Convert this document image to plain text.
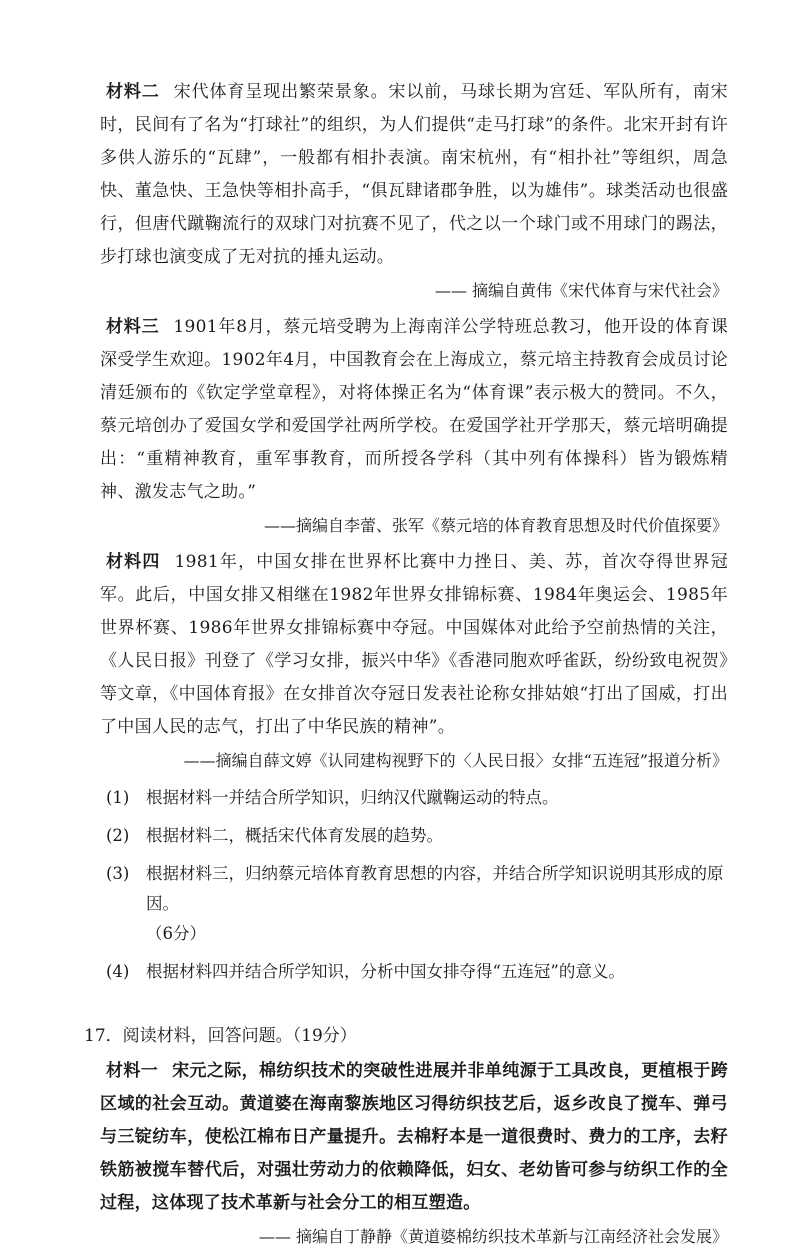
材料二 宋代体育呈现出繁荣景象。宋以前，马球长期为宫廷、军队所有，南宋时，民间有了名为“打球社”的组织，为人们提供“走马打球”的条件。北宋开封有许多供人游乐的“瓦肆”，一般都有相扑表演。南宋杭州，有“相扑社”等组织，周急快、董急快、王急快等相扑高手，“俱瓦肆诸郡争胜，以为雄伟”。球类活动也很盛行，但唐代蹴鞠流行的双球门对抗赛不见了，代之以一个球门或不用球门的踢法，步打球也演变成了无对抗的捶丸运动。

—— 摘编自黄伟《宋代体育与宋代社会》

材料三 1901年8月，蔡元培受聘为上海南洋公学特班总教习，他开设的体育课深受学生欢迎。1902年4月，中国教育会在上海成立，蔡元培主持教育会成员讨论清廷颁布的《钦定学堂章程》，对将体操正名为“体育课”表示极大的赞同。不久，蔡元培创办了爱国女学和爱国学社两所学校。在爱国学社开学那天，蔡元培明确提出：“重精神教育，重军事教育，而所授各学科（其中列有体操科）皆为锻炼精神、激发志气之助。”

——摘编自李蕾、张军《蔡元培的体育教育思想及时代价值探要》

材料四 1981年，中国女排在世界杯比赛中力挫日、美、苏，首次夺得世界冠军。此后，中国女排又相继在1982年世界女排锦标赛、1984年奥运会、1985年世界杯赛、1986年世界女排锦标赛中夺冠。中国媒体对此给予空前热情的关注，《人民日报》刊登了《学习女排，振兴中华》《香港同胞欢呼雀跃，纷纷致电祝贺》等文章，《中国体育报》在女排首次夺冠日发表社论称女排姑娘“打出了国威，打出了中国人民的志气，打出了中华民族的精神”。

——摘编自薛文婷《认同建构视野下的〈人民日报〉女排“五连冠”报道分析》

(1)	根据材料一并结合所学知识，归纳汉代蹴鞠运动的特点。
(2)	根据材料二，概括宋代体育发展的趋势。
(3)	根据材料三，归纳蔡元培体育教育思想的内容，并结合所学知识说明其形成的原因。
（6分）
(4)	根据材料四并结合所学知识，分析中国女排夺得“五连冠”的意义。

17．阅读材料，回答问题。（19分）

材料一 宋元之际，棉纺织技术的突破性进展并非单纯源于工具改良，更植根于跨区域的社会互动。黄道婆在海南黎族地区习得纺织技艺后，返乡改良了搅车、弹弓与三锭纺车，使松江棉布日产量提升。去棉籽本是一道很费时、费力的工序，去籽铁筋被搅车替代后，对强壮劳动力的依赖降低，妇女、老幼皆可参与纺织工作的全过程，这体现了技术革新与社会分工的相互塑造。

—— 摘编自丁静静《黄道婆棉纺织技术革新与江南经济社会发展》
